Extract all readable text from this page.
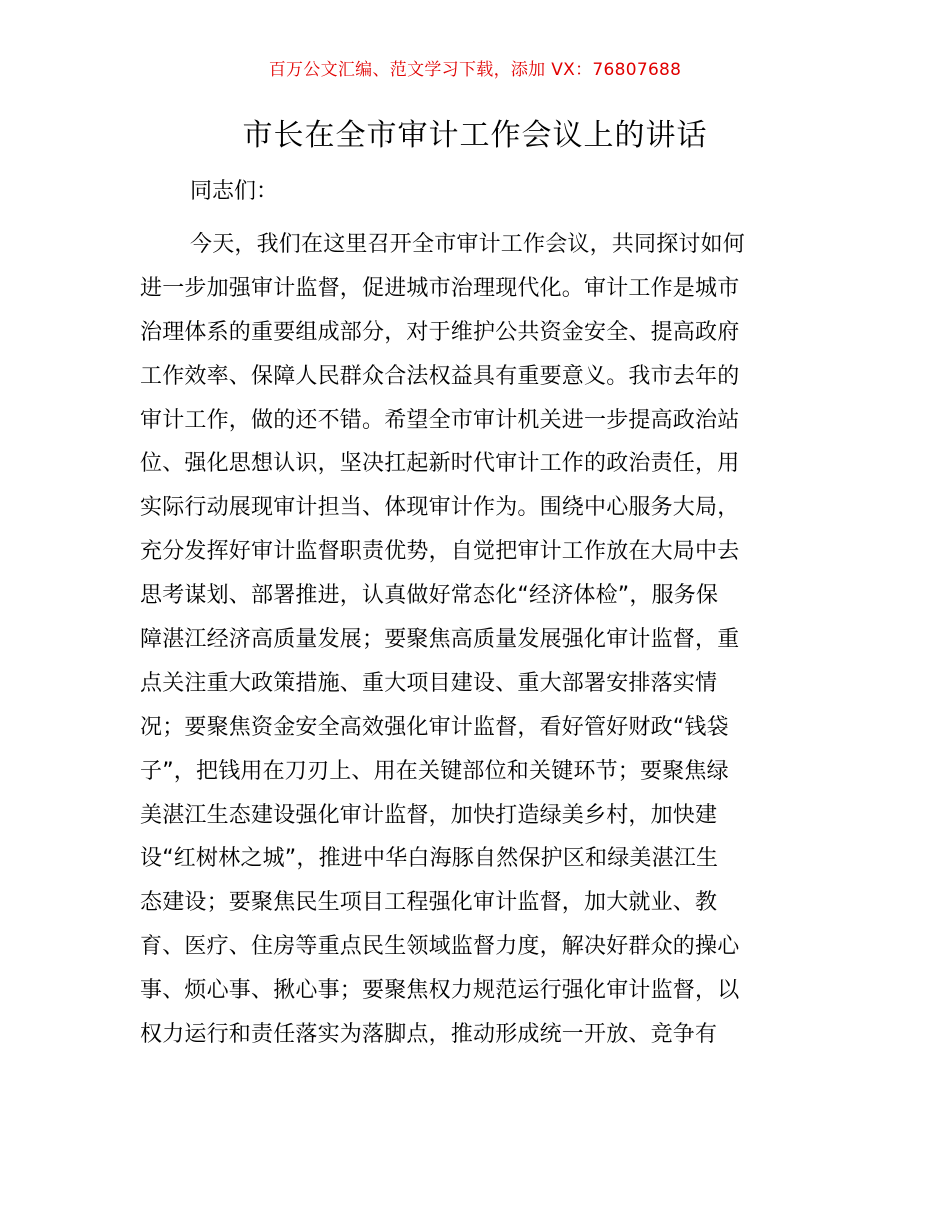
百万公文汇编、范文学习下载，添加 VX：76807688
市长在全市审计工作会议上的讲话
同志们：
今天，我们在这里召开全市审计工作会议，共同探讨如何
进一步加强审计监督，促进城市治理现代化。审计工作是城市
治理体系的重要组成部分，对于维护公共资金安全、提高政府
工作效率、保障人民群众合法权益具有重要意义。我市去年的
审计工作，做的还不错。希望全市审计机关进一步提高政治站
位、强化思想认识，坚决扛起新时代审计工作的政治责任，用
实际行动展现审计担当、体现审计作为。围绕中心服务大局，
充分发挥好审计监督职责优势，自觉把审计工作放在大局中去
思考谋划、部署推进，认真做好常态化“经济体检”，服务保
障湛江经济高质量发展；要聚焦高质量发展强化审计监督，重
点关注重大政策措施、重大项目建设、重大部署安排落实情
况；要聚焦资金安全高效强化审计监督，看好管好财政“钱袋
子”，把钱用在刀刃上、用在关键部位和关键环节；要聚焦绿
美湛江生态建设强化审计监督，加快打造绿美乡村，加快建
设“红树林之城”，推进中华白海豚自然保护区和绿美湛江生
态建设；要聚焦民生项目工程强化审计监督，加大就业、教
育、医疗、住房等重点民生领域监督力度，解决好群众的操心
事、烦心事、揪心事；要聚焦权力规范运行强化审计监督，以
权力运行和责任落实为落脚点，推动形成统一开放、竞争有
